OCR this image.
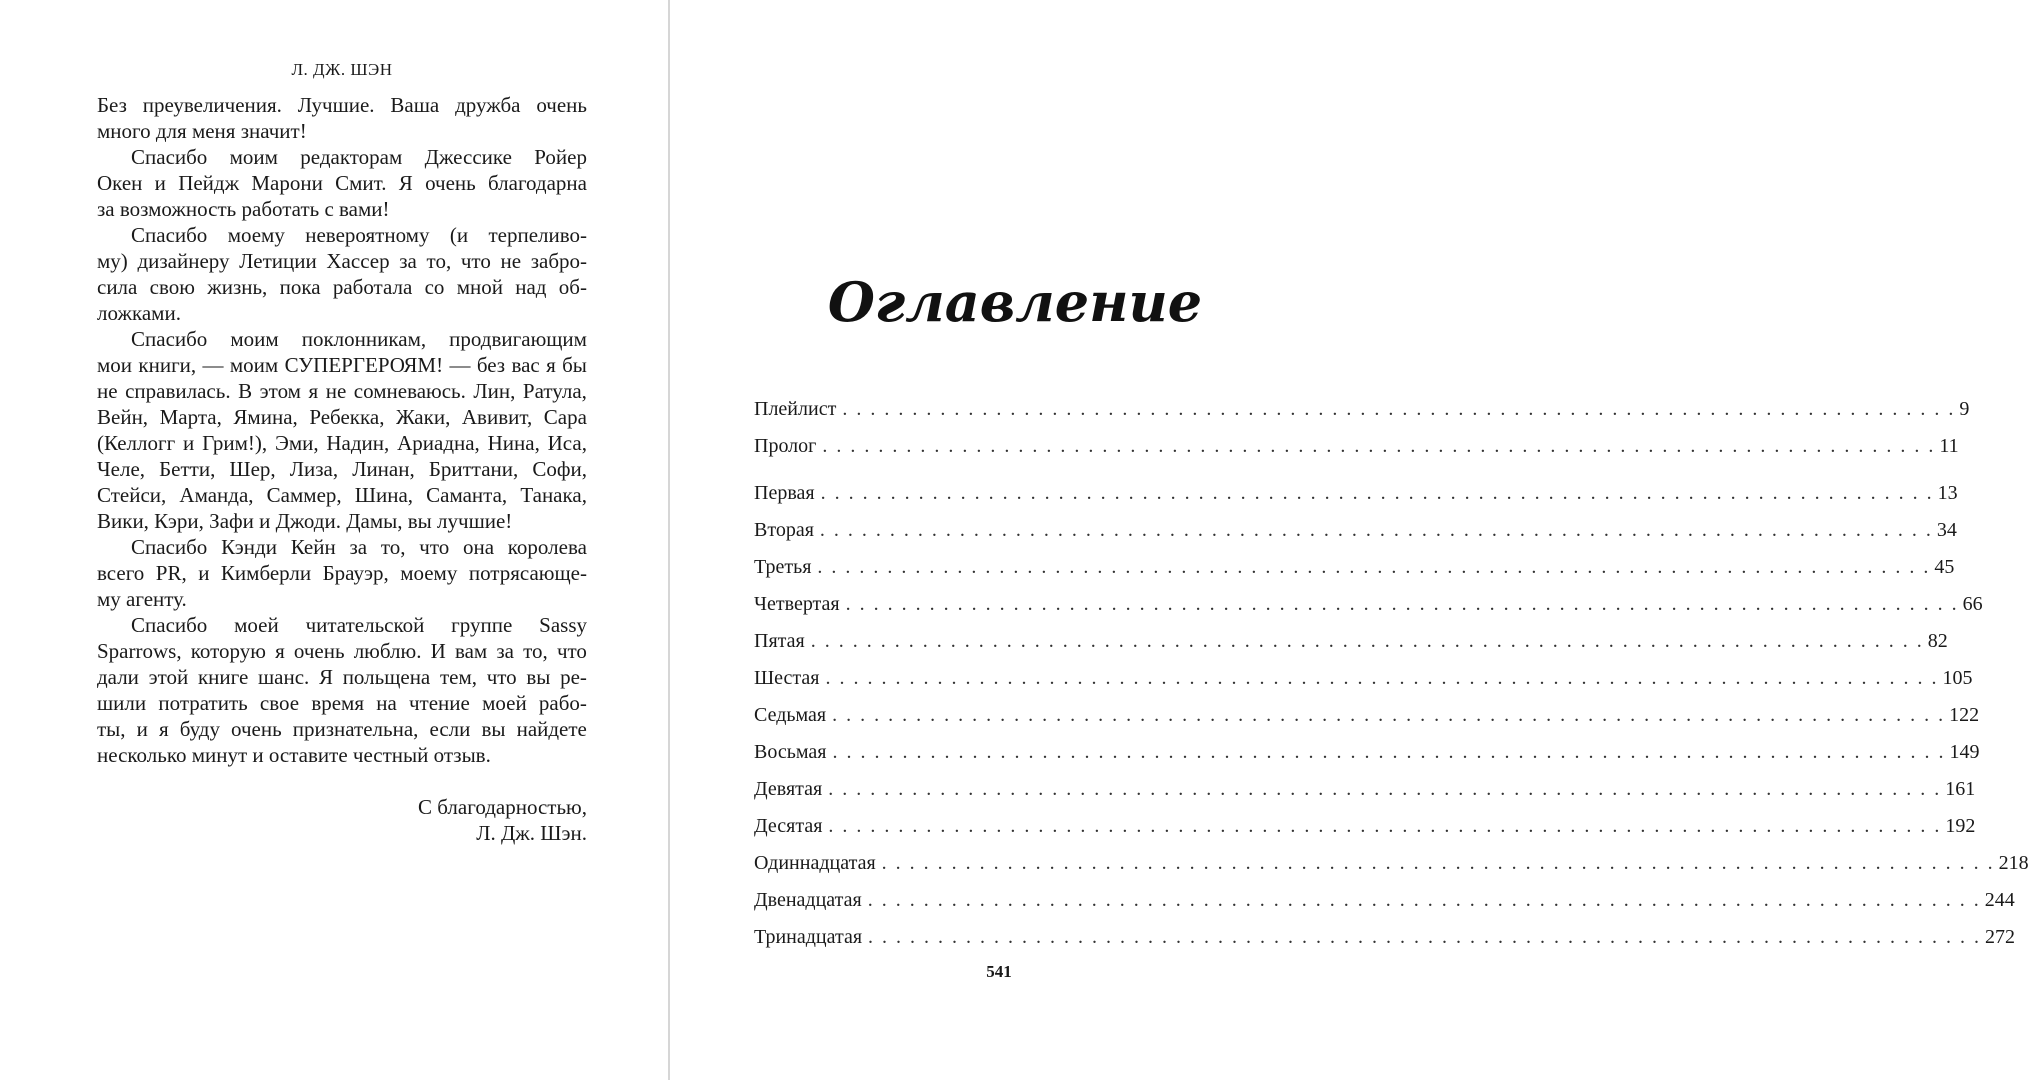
Л. ДЖ. ШЭН
Без преувеличения. Лучшие. Ваша дружба очень
много для меня значит!
Спасибо моим редакторам Джессике Ройер
Окен и Пейдж Марони Смит. Я очень благодарна
за возможность работать с вами!
Спасибо моему невероятному (и терпеливо-
му) дизайнеру Летиции Хассер за то, что не забро-
сила свою жизнь, пока работала со мной над об-
ложками.
Спасибо моим поклонникам, продвигающим
мои книги, — моим СУПЕРГЕРОЯМ! — без вас я бы
не справилась. В этом я не сомневаюсь. Лин, Ратула,
Вейн, Марта, Ямина, Ребекка, Жаки, Авивит, Сара
(Келлогг и Грим!), Эми, Надин, Ариадна, Нина, Иса,
Челе, Бетти, Шер, Лиза, Линан, Бриттани, Софи,
Стейси, Аманда, Саммер, Шина, Саманта, Танака,
Вики, Кэри, Зафи и Джоди. Дамы, вы лучшие!
Спасибо Кэнди Кейн за то, что она королева
всего PR, и Кимберли Брауэр, моему потрясающе-
му агенту.
Спасибо моей читательской группе Sassy
Sparrows, которую я очень люблю. И вам за то, что
дали этой книге шанс. Я польщена тем, что вы ре-
шили потратить свое время на чтение моей рабо-
ты, и я буду очень признательна, если вы найдете
несколько минут и оставите честный отзыв.
С благодарностью,
Л. Дж. Шэн.
Оглавление
Плейлист . . . . . . . . . . . . . . . . . . . . . . . . . . . . . . . . . . . . . . . . . . . . . . . . . . . . . . . . . . . . . . . . . . . . . . . . . . . . . . . . 9
Пролог . . . . . . . . . . . . . . . . . . . . . . . . . . . . . . . . . . . . . . . . . . . . . . . . . . . . . . . . . . . . . . . . . . . . . . . . . . . . . . . . 11
Первая . . . . . . . . . . . . . . . . . . . . . . . . . . . . . . . . . . . . . . . . . . . . . . . . . . . . . . . . . . . . . . . . . . . . . . . . . . . . . . . . 13
Вторая . . . . . . . . . . . . . . . . . . . . . . . . . . . . . . . . . . . . . . . . . . . . . . . . . . . . . . . . . . . . . . . . . . . . . . . . . . . . . . . . 34
Третья . . . . . . . . . . . . . . . . . . . . . . . . . . . . . . . . . . . . . . . . . . . . . . . . . . . . . . . . . . . . . . . . . . . . . . . . . . . . . . . . 45
Четвертая . . . . . . . . . . . . . . . . . . . . . . . . . . . . . . . . . . . . . . . . . . . . . . . . . . . . . . . . . . . . . . . . . . . . . . . . . . . . . . . . 66
Пятая . . . . . . . . . . . . . . . . . . . . . . . . . . . . . . . . . . . . . . . . . . . . . . . . . . . . . . . . . . . . . . . . . . . . . . . . . . . . . . . . 82
Шестая . . . . . . . . . . . . . . . . . . . . . . . . . . . . . . . . . . . . . . . . . . . . . . . . . . . . . . . . . . . . . . . . . . . . . . . . . . . . . . . . 105
Седьмая . . . . . . . . . . . . . . . . . . . . . . . . . . . . . . . . . . . . . . . . . . . . . . . . . . . . . . . . . . . . . . . . . . . . . . . . . . . . . . . . 122
Восьмая . . . . . . . . . . . . . . . . . . . . . . . . . . . . . . . . . . . . . . . . . . . . . . . . . . . . . . . . . . . . . . . . . . . . . . . . . . . . . . . . 149
Девятая . . . . . . . . . . . . . . . . . . . . . . . . . . . . . . . . . . . . . . . . . . . . . . . . . . . . . . . . . . . . . . . . . . . . . . . . . . . . . . . . 161
Десятая . . . . . . . . . . . . . . . . . . . . . . . . . . . . . . . . . . . . . . . . . . . . . . . . . . . . . . . . . . . . . . . . . . . . . . . . . . . . . . . . 192
Одиннадцатая . . . . . . . . . . . . . . . . . . . . . . . . . . . . . . . . . . . . . . . . . . . . . . . . . . . . . . . . . . . . . . . . . . . . . . . . . . . . . . . . 218
Двенадцатая . . . . . . . . . . . . . . . . . . . . . . . . . . . . . . . . . . . . . . . . . . . . . . . . . . . . . . . . . . . . . . . . . . . . . . . . . . . . . . . . 244
Тринадцатая . . . . . . . . . . . . . . . . . . . . . . . . . . . . . . . . . . . . . . . . . . . . . . . . . . . . . . . . . . . . . . . . . . . . . . . . . . . . . . . . 272
541
